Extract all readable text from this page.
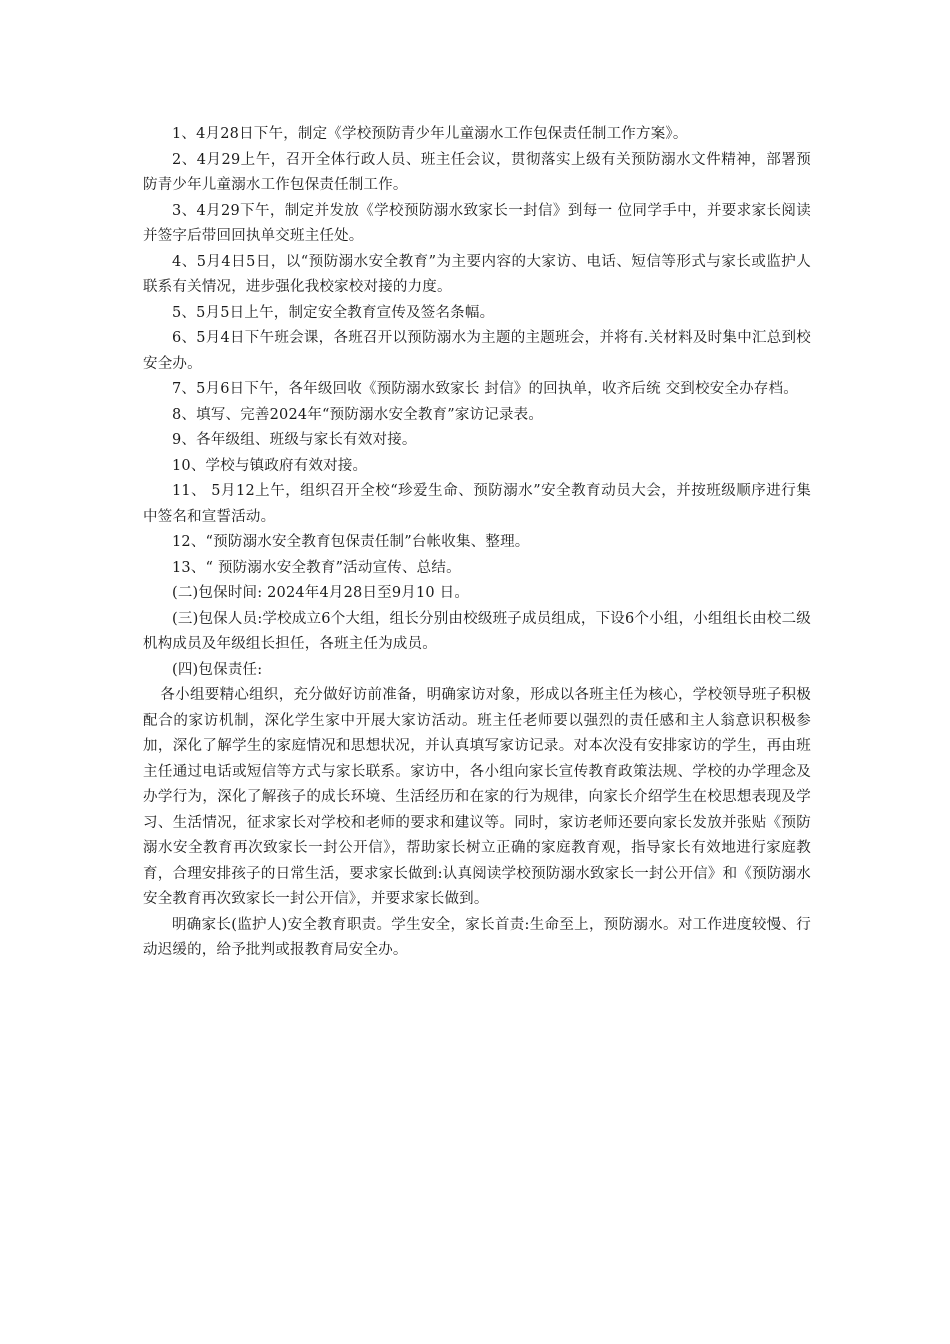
1、4月28日下午，制定《学校预防青少年儿童溺水工作包保责任制工作方案》。

2、4月29上午，召开全体行政人员、班主任会议，贯彻落实上级有关预防溺水文件精神，部署预防青少年儿童溺水工作包保责任制工作。

3、4月29下午，制定并发放《学校预防溺水致家长一封信》到每一 位同学手中，并要求家长阅读并签字后带回回执单交班主任处。

4、5月4日5日，以“预防溺水安全教育”为主要内容的大家访、电话、短信等形式与家长或监护人联系有关情况，进步强化我校家校对接的力度。

5、5月5日上午，制定安全教育宣传及签名条幅。

6、5月4日下午班会课，各班召开以预防溺水为主题的主题班会，并将有.关材料及时集中汇总到校安全办。

7、5月6日下午，各年级回收《预防溺水致家长 封信》的回执单，收齐后统 交到校安全办存档。

8、填写、完善2024年“预防溺水安全教育”家访记录表。

9、各年级组、班级与家长有效对接。

10、学校与镇政府有效对接。

11、 5月12上午，组织召开全校“珍爱生命、预防溺水”安全教育动员大会，并按班级顺序进行集中签名和宣誓活动。

12、“预防溺水安全教育包保责任制”台帐收集、整理。

13、“ 预防溺水安全教育”活动宣传、总结。

(二)包保时间: 2024年4月28日至9月10 日。

(三)包保人员:学校成立6个大组，组长分别由校级班子成员组成，下设6个小组，小组组长由校二级机构成员及年级组长担任，各班主任为成员。

(四)包保责任:

各小组要精心组织，充分做好访前准备，明确家访对象，形成以各班主任为核心，学校领导班子积极配合的家访机制，深化学生家中开展大家访活动。班主任老师要以强烈的责任感和主人翁意识积极参加，深化了解学生的家庭情况和思想状况，并认真填写家访记录。对本次没有安排家访的学生，再由班主任通过电话或短信等方式与家长联系。家访中，各小组向家长宣传教育政策法规、学校的办学理念及办学行为，深化了解孩子的成长环境、生活经历和在家的行为规律，向家长介绍学生在校思想表现及学习、生活情况，征求家长对学校和老师的要求和建议等。同时，家访老师还要向家长发放并张贴《预防溺水安全教育再次致家长一封公开信》，帮助家长树立正确的家庭教育观，指导家长有效地进行家庭教育，合理安排孩子的日常生活，要求家长做到:认真阅读学校预防溺水致家长一封公开信》和《预防溺水安全教育再次致家长一封公开信》，并要求家长做到。

明确家长(监护人)安全教育职责。学生安全，家长首责:生命至上，预防溺水。对工作进度较慢、行动迟缓的，给予批判或报教育局安全办。
